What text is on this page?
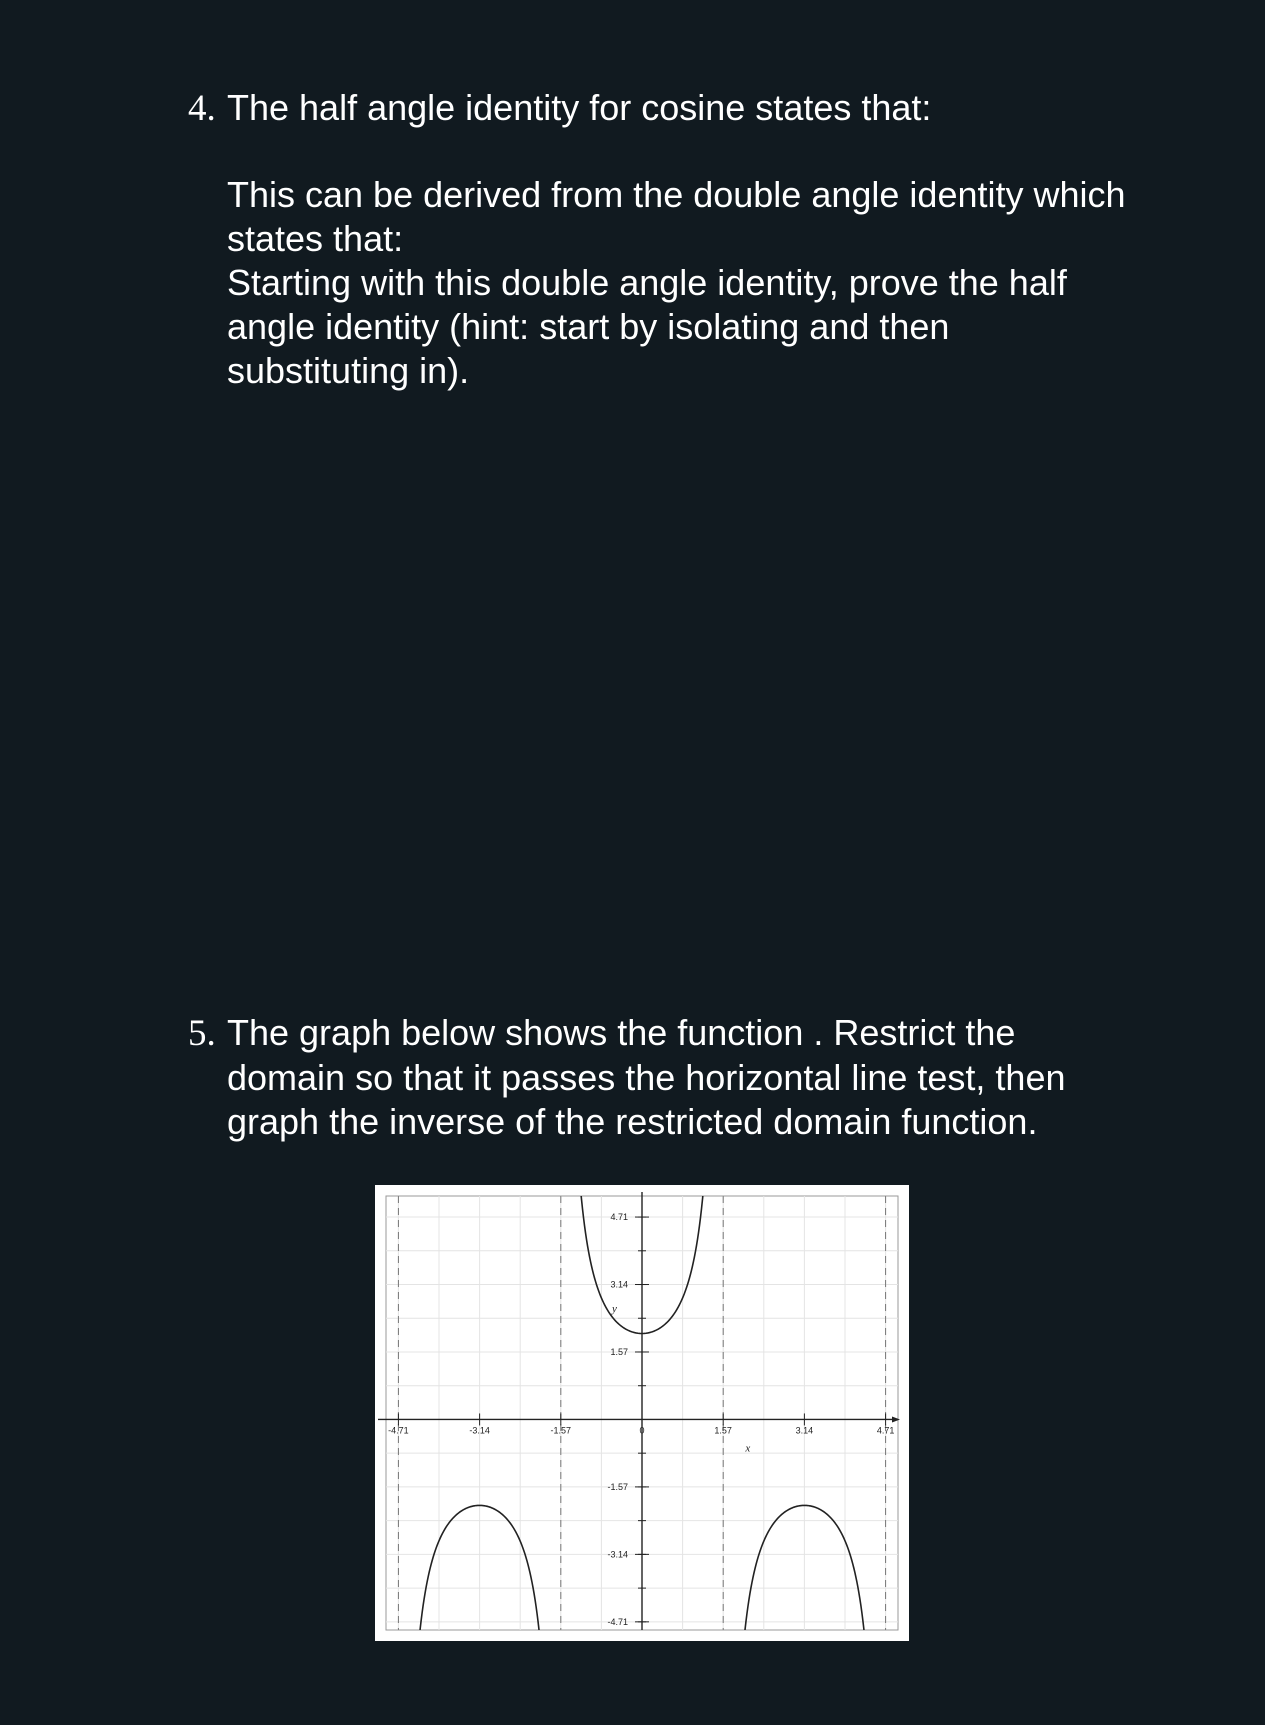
4. The half angle identity for cosine states that:
This can be derived from the double angle identity which states that:
Starting with this double angle identity, prove the half angle identity (hint: start by isolating and then substituting in).
5. The graph below shows the function . Restrict the
domain so that it passes the horizontal line test, then graph the inverse of the restricted domain function.
-4.71	-3.14	-1.57	0	1.57	3.14	4.71
-4.71
-3.14
-1.57
1.57
3.14
4.71
x
y
